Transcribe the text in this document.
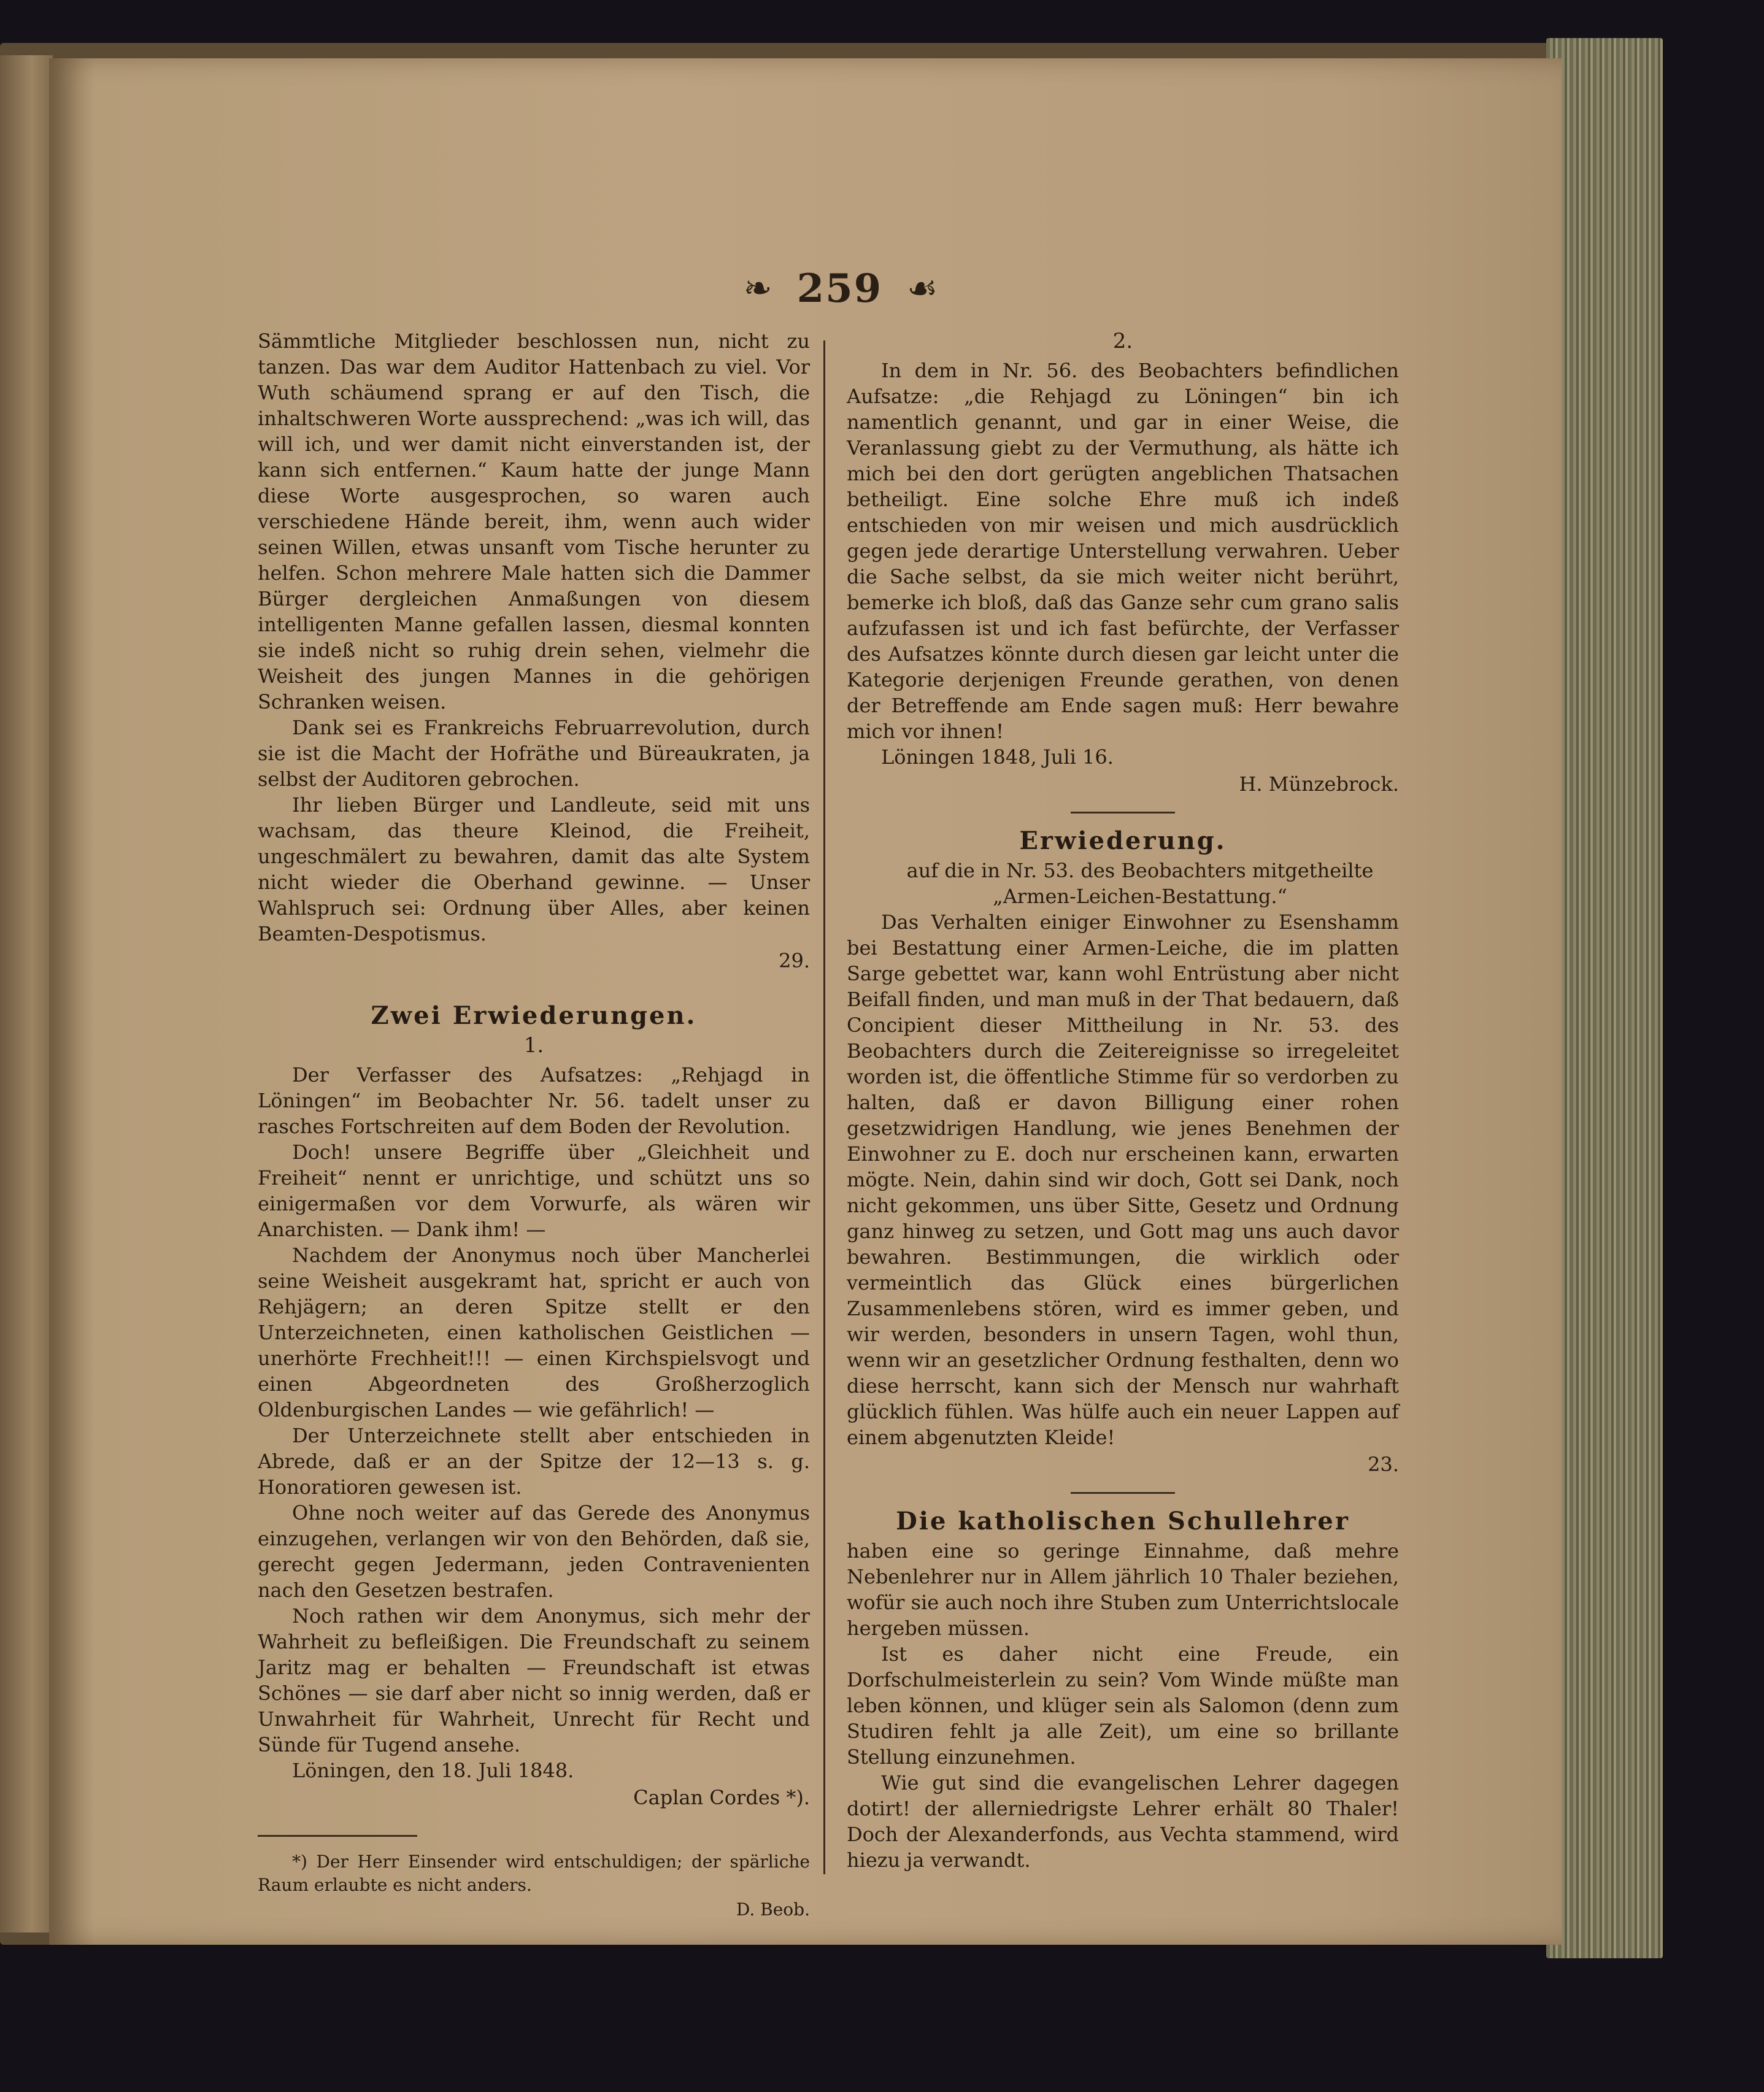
❧ 259 ☙

Sämmtliche Mitglieder beschlossen nun, nicht zu tanzen. Das war dem Auditor Hattenbach zu viel. Vor Wuth schäumend sprang er auf den Tisch, die inhaltschweren Worte aussprechend: „was ich will, das will ich, und wer damit nicht einverstanden ist, der kann sich entfernen.“ Kaum hatte der junge Mann diese Worte ausgesprochen, so waren auch verschiedene Hände bereit, ihm, wenn auch wider seinen Willen, etwas unsanft vom Tische herunter zu helfen. Schon mehrere Male hatten sich die Dammer Bürger dergleichen Anmaßungen von diesem intelligenten Manne gefallen lassen, diesmal konnten sie indeß nicht so ruhig drein sehen, vielmehr die Weisheit des jungen Mannes in die gehörigen Schranken weisen.

Dank sei es Frankreichs Februarrevolution, durch sie ist die Macht der Hofräthe und Büreaukraten, ja selbst der Auditoren gebrochen.

Ihr lieben Bürger und Landleute, seid mit uns wachsam, das theure Kleinod, die Freiheit, ungeschmälert zu bewahren, damit das alte System nicht wieder die Oberhand gewinne. — Unser Wahlspruch sei: Ordnung über Alles, aber keinen Beamten-Despotismus.

29.

Zwei Erwiederungen.
1.

Der Verfasser des Aufsatzes: „Rehjagd in Löningen“ im Beobachter Nr. 56. tadelt unser zu rasches Fortschreiten auf dem Boden der Revolution.

Doch! unsere Begriffe über „Gleichheit und Freiheit“ nennt er unrichtige, und schützt uns so einigermaßen vor dem Vorwurfe, als wären wir Anarchisten. — Dank ihm! —

Nachdem der Anonymus noch über Mancherlei seine Weisheit ausgekramt hat, spricht er auch von Rehjägern; an deren Spitze stellt er den Unterzeichneten, einen katholischen Geistlichen — unerhörte Frechheit!!! — einen Kirchspielsvogt und einen Abgeordneten des Großherzoglich Oldenburgischen Landes — wie gefährlich! —

Der Unterzeichnete stellt aber entschieden in Abrede, daß er an der Spitze der 12—13 s. g. Honoratioren gewesen ist.

Ohne noch weiter auf das Gerede des Anonymus einzugehen, verlangen wir von den Behörden, daß sie, gerecht gegen Jedermann, jeden Contravenienten nach den Gesetzen bestrafen.

Noch rathen wir dem Anonymus, sich mehr der Wahrheit zu befleißigen. Die Freundschaft zu seinem Jaritz mag er behalten — Freundschaft ist etwas Schönes — sie darf aber nicht so innig werden, daß er Unwahrheit für Wahrheit, Unrecht für Recht und Sünde für Tugend ansehe.

Löningen, den 18. Juli 1848.

Caplan Cordes *).

*) Der Herr Einsender wird entschuldigen; der spärliche Raum erlaubte es nicht anders.

D. Beob.

2.

In dem in Nr. 56. des Beobachters befindlichen Aufsatze: „die Rehjagd zu Löningen“ bin ich namentlich genannt, und gar in einer Weise, die Veranlassung giebt zu der Vermuthung, als hätte ich mich bei den dort gerügten angeblichen Thatsachen betheiligt. Eine solche Ehre muß ich indeß entschieden von mir weisen und mich ausdrücklich gegen jede derartige Unterstellung verwahren. Ueber die Sache selbst, da sie mich weiter nicht berührt, bemerke ich bloß, daß das Ganze sehr cum grano salis aufzufassen ist und ich fast befürchte, der Verfasser des Aufsatzes könnte durch diesen gar leicht unter die Kategorie derjenigen Freunde gerathen, von denen der Betreffende am Ende sagen muß: Herr bewahre mich vor ihnen!

Löningen 1848, Juli 16.

H. Münzebrock.

Erwiederung.

auf die in Nr. 53. des Beobachters mitgetheilte

„Armen-Leichen-Bestattung.“

Das Verhalten einiger Einwohner zu Esenshamm bei Bestattung einer Armen-Leiche, die im platten Sarge gebettet war, kann wohl Entrüstung aber nicht Beifall finden, und man muß in der That bedauern, daß Concipient dieser Mittheilung in Nr. 53. des Beobachters durch die Zeitereignisse so irregeleitet worden ist, die öffentliche Stimme für so verdorben zu halten, daß er davon Billigung einer rohen gesetzwidrigen Handlung, wie jenes Benehmen der Einwohner zu E. doch nur erscheinen kann, erwarten mögte. Nein, dahin sind wir doch, Gott sei Dank, noch nicht gekommen, uns über Sitte, Gesetz und Ordnung ganz hinweg zu setzen, und Gott mag uns auch davor bewahren. Bestimmungen, die wirklich oder vermeintlich das Glück eines bürgerlichen Zusammenlebens stören, wird es immer geben, und wir werden, besonders in unsern Tagen, wohl thun, wenn wir an gesetzlicher Ordnung festhalten, denn wo diese herrscht, kann sich der Mensch nur wahrhaft glücklich fühlen. Was hülfe auch ein neuer Lappen auf einem abgenutzten Kleide!

23.

Die katholischen Schullehrer

haben eine so geringe Einnahme, daß mehre Nebenlehrer nur in Allem jährlich 10 Thaler beziehen, wofür sie auch noch ihre Stuben zum Unterrichtslocale hergeben müssen.

Ist es daher nicht eine Freude, ein Dorfschulmeisterlein zu sein? Vom Winde müßte man leben können, und klüger sein als Salomon (denn zum Studiren fehlt ja alle Zeit), um eine so brillante Stellung einzunehmen.

Wie gut sind die evangelischen Lehrer dagegen dotirt! der allerniedrigste Lehrer erhält 80 Thaler! Doch der Alexanderfonds, aus Vechta stammend, wird hiezu ja verwandt.
